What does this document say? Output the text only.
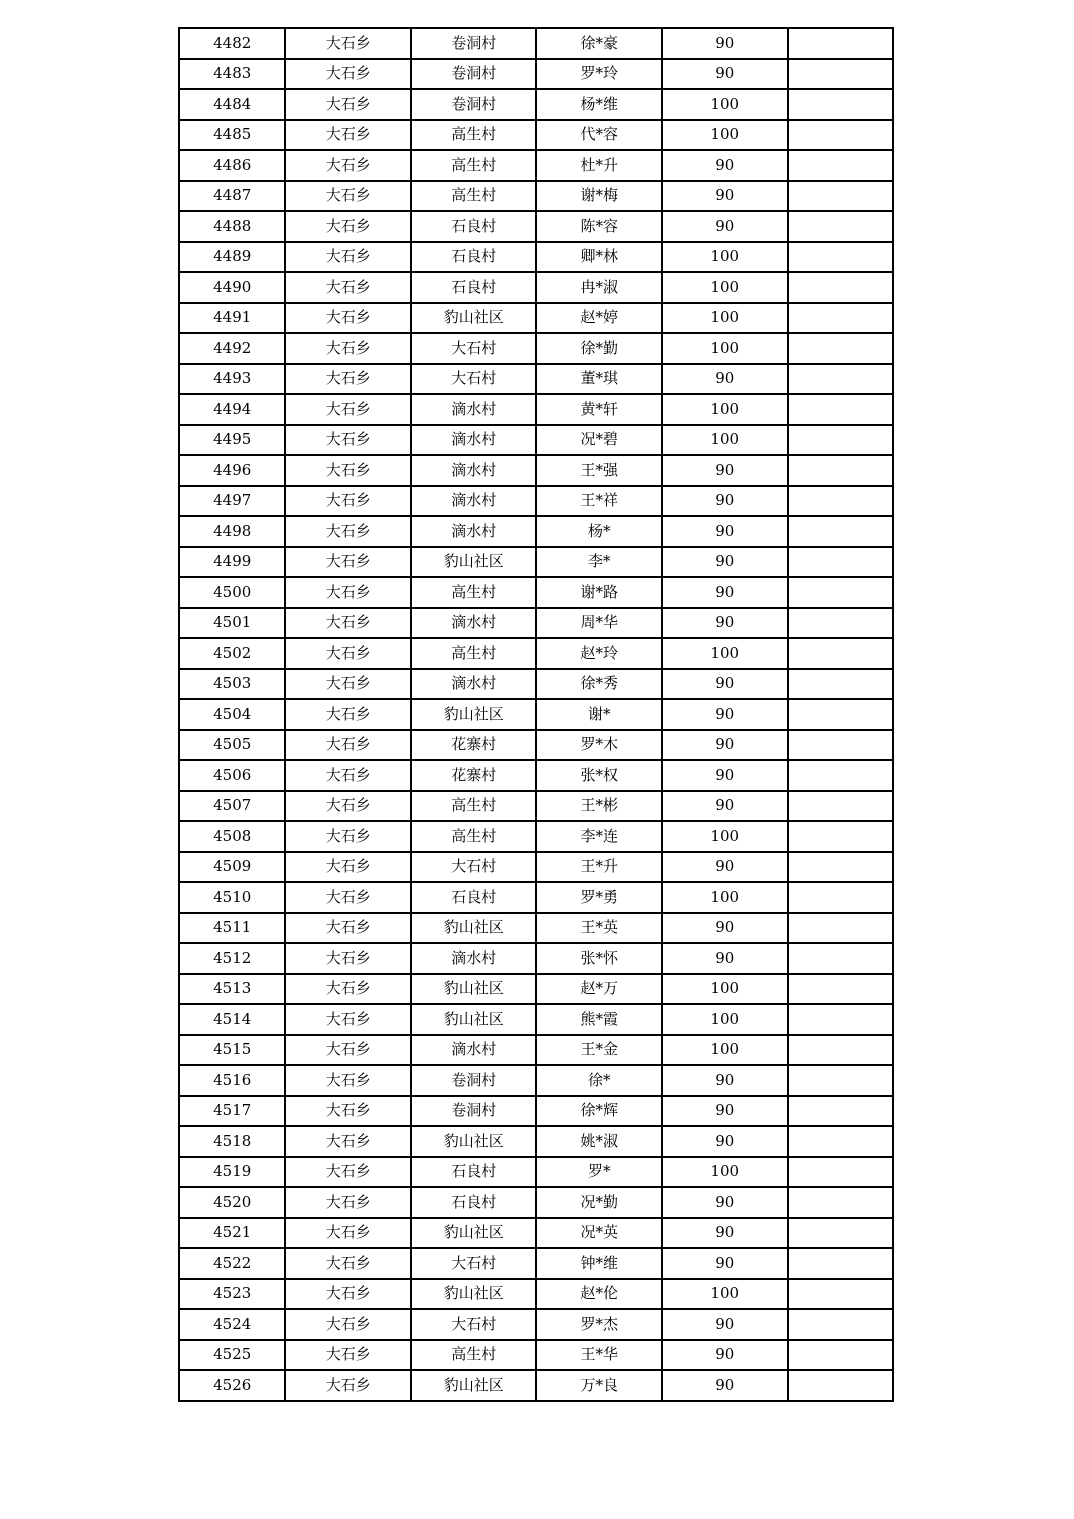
4482	大石乡	卷洞村	徐*豪	90	
4483	大石乡	卷洞村	罗*玲	90	
4484	大石乡	卷洞村	杨*维	100	
4485	大石乡	高生村	代*容	100	
4486	大石乡	高生村	杜*升	90	
4487	大石乡	高生村	谢*梅	90	
4488	大石乡	石良村	陈*容	90	
4489	大石乡	石良村	卿*林	100	
4490	大石乡	石良村	冉*淑	100	
4491	大石乡	豹山社区	赵*婷	100	
4492	大石乡	大石村	徐*勤	100	
4493	大石乡	大石村	董*琪	90	
4494	大石乡	滴水村	黄*轩	100	
4495	大石乡	滴水村	况*碧	100	
4496	大石乡	滴水村	王*强	90	
4497	大石乡	滴水村	王*祥	90	
4498	大石乡	滴水村	杨*	90	
4499	大石乡	豹山社区	李*	90	
4500	大石乡	高生村	谢*路	90	
4501	大石乡	滴水村	周*华	90	
4502	大石乡	高生村	赵*玲	100	
4503	大石乡	滴水村	徐*秀	90	
4504	大石乡	豹山社区	谢*	90	
4505	大石乡	花寨村	罗*木	90	
4506	大石乡	花寨村	张*权	90	
4507	大石乡	高生村	王*彬	90	
4508	大石乡	高生村	李*连	100	
4509	大石乡	大石村	王*升	90	
4510	大石乡	石良村	罗*勇	100	
4511	大石乡	豹山社区	王*英	90	
4512	大石乡	滴水村	张*怀	90	
4513	大石乡	豹山社区	赵*万	100	
4514	大石乡	豹山社区	熊*霞	100	
4515	大石乡	滴水村	王*金	100	
4516	大石乡	卷洞村	徐*	90	
4517	大石乡	卷洞村	徐*辉	90	
4518	大石乡	豹山社区	姚*淑	90	
4519	大石乡	石良村	罗*	100	
4520	大石乡	石良村	况*勤	90	
4521	大石乡	豹山社区	况*英	90	
4522	大石乡	大石村	钟*维	90	
4523	大石乡	豹山社区	赵*伦	100	
4524	大石乡	大石村	罗*杰	90	
4525	大石乡	高生村	王*华	90	
4526	大石乡	豹山社区	万*良	90	
